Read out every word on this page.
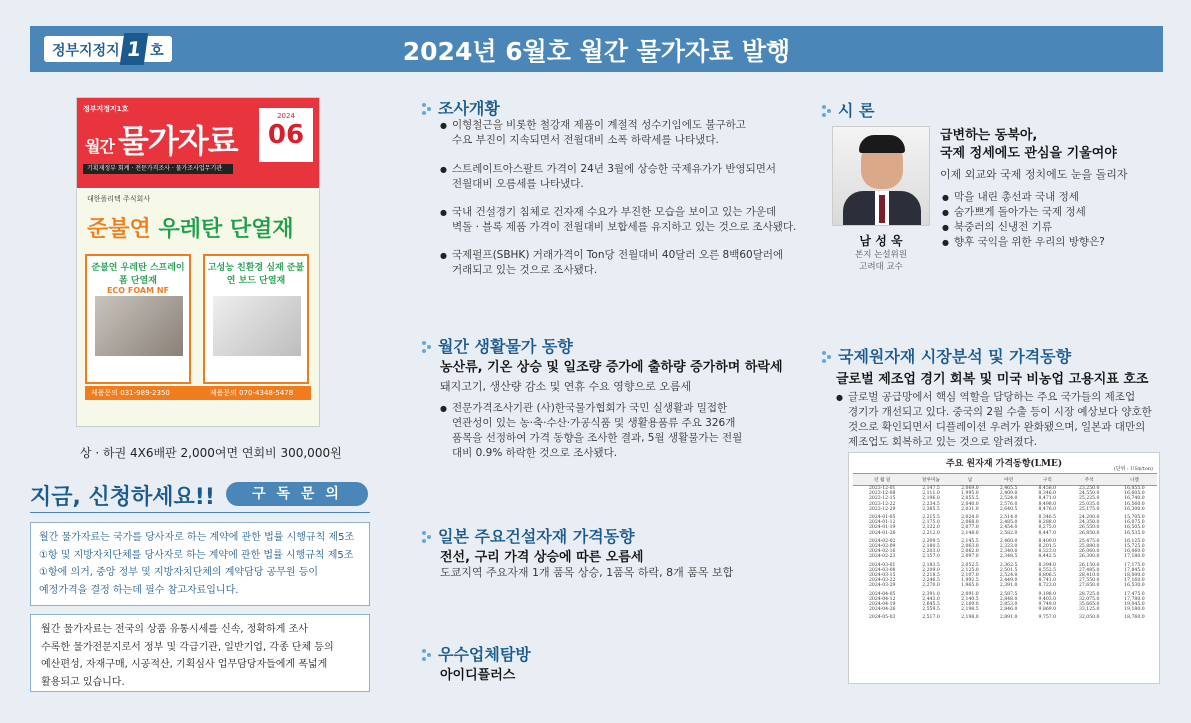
정부지정지 1 호	2024년 6월호 월간 물가자료 발행
정부지정지1호
월간 물가자료
2024
06
기획재정부 회계 · 전문가격조사 · 물가조사업무기관
대한폴리텍 주식회사
준불연 우레탄 단열재
준불연 우레탄 스프레이 폼 단열재
ECO FOAM NF
고성능 친환경 심재 준불연 보드 단열재
제품문의 031-989-2350	제품문의 070-4348-5478
상 · 하권 4X6배판 2,000여면 연회비 300,000원
지금, 신청하세요!!	구 독 문 의
월간 물가자료는 국가를 당사자로 하는 계약에 관한 법률 시행규칙 제5조
①항 및 지방자치단체를 당사자로 하는 계약에 관한 법률 시행규칙 제5조
①항에 의거, 중앙 정부 및 지방자치단체의 계약담당 공무원 등이
예정가격을 결정 하는데 필수 참고자료입니다.
월간 물가자료는 전국의 상품 유통시세를 신속, 정확하게 조사
수록한 물가전문지로서 정부 및 각급기관, 일반기업, 각종 단체 등의
예산편성, 자재구매, 시공적산, 기획심사 업무담당자들에게 폭넓게
활용되고 있습니다.
조사개황
● 이형철근을 비롯한 철강재 제품이 계절적 성수기임에도 불구하고
수요 부진이 지속되면서 전월대비 소폭 하락세를 나타냈다.
● 스트레이트아스팔트 가격이 24년 3월에 상승한 국제유가가 반영되면서
전월대비 오름세를 나타냈다.
● 국내 건설경기 침체로 건자재 수요가 부진한 모습을 보이고 있는 가운데
벽돌 · 블록 제품 가격이 전월대비 보합세를 유지하고 있는 것으로 조사됐다.
● 국제펄프(SBHK) 거래가격이 Ton당 전월대비 40달러 오른 8백60달러에
거래되고 있는 것으로 조사됐다.
월간 생활물가 동향
농산류, 기온 상승 및 일조량 증가에 출하량 증가하며 하락세
돼지고기, 생산량 감소 및 연휴 수요 영향으로 오름세
● 전문가격조사기관 (사)한국물가협회가 국민 실생활과 밀접한
연관성이 있는 농·축·수산·가공식품 및 생활용품류 주요 326개
품목을 선정하여 가격 동향을 조사한 결과, 5월 생활물가는 전월
대비 0.9% 하락한 것으로 조사됐다.
일본 주요건설자재 가격동향
전선, 구리 가격 상승에 따른 오름세
도쿄지역 주요자재 1개 품목 상승, 1품목 하락, 8개 품목 보합
우수업체탐방
아이디플러스
시 론
남 성 욱
본지 논설위원
고려대 교수
급변하는 동북아,
국제 정세에도 관심을 기울여야
이제 외교와 국제 정치에도 눈을 돌리자
● 막을 내린 총선과 국내 정세
● 숨가쁘게 돌아가는 국제 정세
● 북중러의 신냉전 기류
● 향후 국익을 위한 우리의 방향은?
국제원자재 시장분석 및 가격동향
글로벌 제조업 경기 회복 및 미국 비농업 고용지표 호조
● 글로벌 공급망에서 핵심 역할을 담당하는 주요 국가들의 제조업
경기가 개선되고 있다. 중국의 2월 수출 등이 시장 예상보다 양호한
것으로 확인되면서 디플레이션 우려가 완화됐으며, 일본과 대만의
제조업도 회복하고 있는 것으로 알려졌다.
주요 원자재 가격동향(LME)	(단위 : US$/ton)
년 월 일	알루미늄	납	아연	구리	주석	니켈
2023-12-01	2,147.5	2,069.0	2,465.5	8,458.0	23,250.0	16,855.0
2023-12-08	2,111.0	1,995.0	2,409.0	8,346.0	24,550.0	16,605.0
2023-12-15	2,196.0	2,055.5	2,524.0	8,471.0	25,225.0	16,740.0
2023-12-22	2,234.5	2,040.0	2,576.0	8,498.0	25,035.0	16,560.0
2023-12-29	2,385.5	2,031.0	2,640.5	8,476.0	25,175.0	16,300.0

2024-01-05	2,215.5	2,024.0	2,514.0	8,346.5	24,200.0	15,705.0
2024-01-12	2,175.0	2,068.0	2,485.0	8,288.0	24,350.0	16,075.0
2024-01-19	2,122.0	2,077.0	2,454.0	8,275.0	26,550.0	16,505.0
2024-01-26	2,212.0	2,148.0	2,582.0	8,447.0	26,850.0	16,535.0

2024-02-02	2,209.5	2,145.5	2,460.0	8,400.0	25,475.0	16,125.0
2024-02-09	2,180.5	2,063.0	2,323.0	8,201.5	25,880.0	15,725.0
2024-02-16	2,203.0	2,062.0	2,340.0	8,323.0	26,060.0	16,060.0
2024-02-23	2,157.0	2,097.0	2,348.5	8,442.5	26,300.0	17,180.0

2024-03-01	2,183.5	2,052.5	2,362.5	8,394.0	26,150.0	17,175.0
2024-03-08	2,209.0	2,125.0	2,501.5	8,552.5	27,485.0	17,845.0
2024-03-15	2,218.5	2,107.0	2,524.0	8,806.5	28,410.0	18,000.0
2024-03-22	2,246.5	1,992.5	2,449.0	8,741.0	27,550.0	17,160.0
2024-03-29	2,270.0	1,965.0	2,391.0	8,723.0	27,650.0	16,530.0

2024-04-05	2,391.0	2,091.0	2,587.5	9,198.0	28,725.0	17,475.0
2024-04-12	2,443.0	2,140.5	2,848.0	9,403.0	32,075.0	17,780.0
2024-04-19	2,645.5	2,160.0	2,853.0	9,749.0	35,665.0	19,045.0
2024-04-26	2,559.5	2,198.5	2,846.0	9,869.0	33,125.0	19,180.0

2024-05-03	2,517.0	2,198.0	2,891.0	9,757.0	32,050.0	18,760.0
